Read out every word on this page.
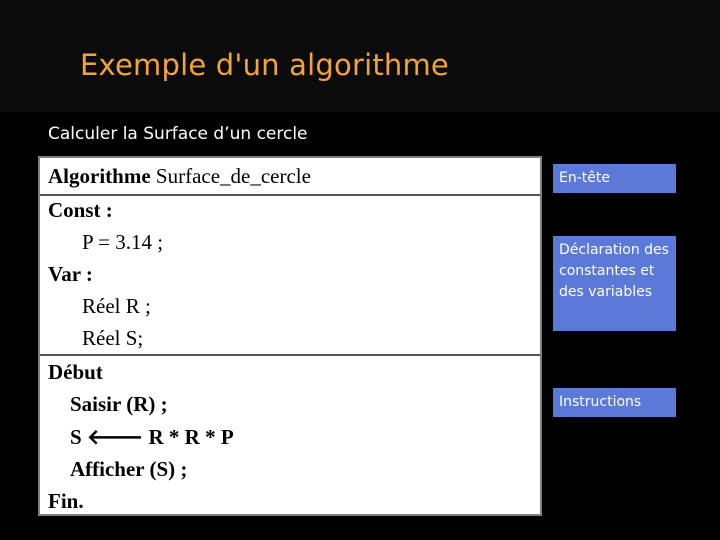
Exemple d'un algorithme
Calculer la Surface d’un cercle
Algorithme Surface_de_cercle
Const :
P = 3.14 ;
Var :
Réel R ;
Réel S;
Début
Saisir (R) ;
S 🡐 R * R * P
Afficher (S) ;
Fin.
En-tête
Déclaration des constantes et des variables
Instructions
